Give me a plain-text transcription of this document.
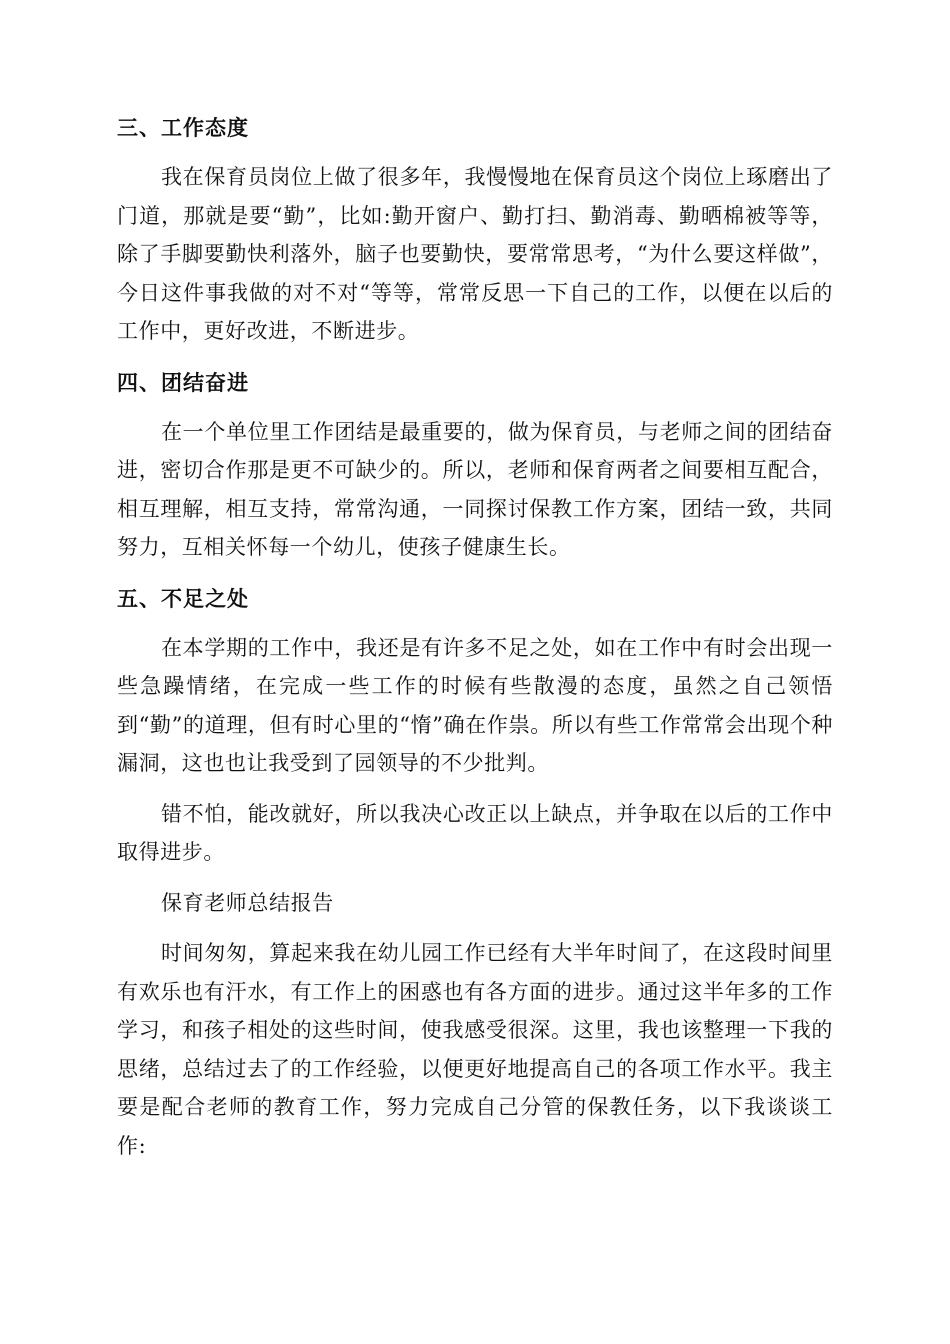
三、工作态度

我在保育员岗位上做了很多年，我慢慢地在保育员这个岗位上琢磨出了门道，那就是要“勤”，比如:勤开窗户、勤打扫、勤消毒、勤晒棉被等等，除了手脚要勤快利落外，脑子也要勤快，要常常思考，“为什么要这样做”，今日这件事我做的对不对“等等，常常反思一下自己的工作，以便在以后的工作中，更好改进，不断进步。

四、团结奋进

在一个单位里工作团结是最重要的，做为保育员，与老师之间的团结奋进，密切合作那是更不可缺少的。所以，老师和保育两者之间要相互配合，相互理解，相互支持，常常沟通，一同探讨保教工作方案，团结一致，共同努力，互相关怀每一个幼儿，使孩子健康生长。

五、不足之处

在本学期的工作中，我还是有许多不足之处，如在工作中有时会出现一些急躁情绪，在完成一些工作的时候有些散漫的态度，虽然之自己领悟到“勤”的道理，但有时心里的“惰”确在作祟。所以有些工作常常会出现个种漏洞，这也也让我受到了园领导的不少批判。

错不怕，能改就好，所以我决心改正以上缺点，并争取在以后的工作中取得进步。

保育老师总结报告

时间匆匆，算起来我在幼儿园工作已经有大半年时间了，在这段时间里有欢乐也有汗水，有工作上的困惑也有各方面的进步。通过这半年多的工作学习，和孩子相处的这些时间，使我感受很深。这里，我也该整理一下我的思绪，总结过去了的工作经验，以便更好地提高自己的各项工作水平。我主要是配合老师的教育工作，努力完成自己分管的保教任务，以下我谈谈工作:
